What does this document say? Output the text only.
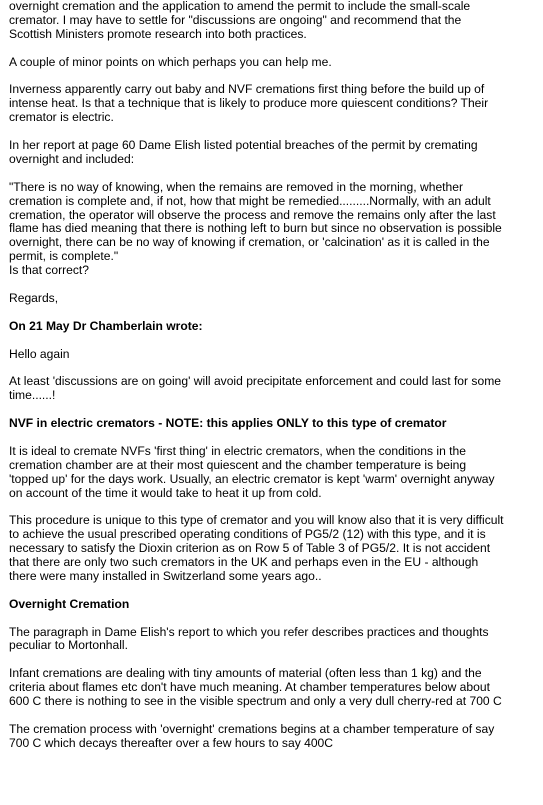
overnight cremation and the application to amend the permit to include the small-scale
cremator. I may have to settle for "discussions are ongoing" and recommend that the
Scottish Ministers promote research into both practices.

A couple of minor points on which perhaps you can help me.

Inverness apparently carry out baby and NVF cremations first thing before the build up of
intense heat. Is that a technique that is likely to produce more quiescent conditions? Their
cremator is electric.

In her report at page 60 Dame Elish listed potential breaches of the permit by cremating
overnight and included:

"There is no way of knowing, when the remains are removed in the morning, whether
cremation is complete and, if not, how that might be remedied.........Normally, with an adult
cremation, the operator will observe the process and remove the remains only after the last
flame has died meaning that there is nothing left to burn but since no observation is possible
overnight, there can be no way of knowing if cremation, or 'calcination' as it is called in the
permit, is complete."

Is that correct?

Regards,

On 21 May Dr Chamberlain wrote:

Hello again

At least 'discussions are on going' will avoid precipitate enforcement and could last for some
time......!

NVF in electric cremators - NOTE: this applies ONLY to this type of cremator

It is ideal to cremate NVFs 'first thing' in electric cremators, when the conditions in the
cremation chamber are at their most quiescent and the chamber temperature is being
'topped up' for the days work. Usually, an electric cremator is kept 'warm' overnight anyway
on account of the time it would take to heat it up from cold.

This procedure is unique to this type of cremator and you will know also that it is very difficult
to achieve the usual prescribed operating conditions of PG5/2 (12) with this type, and it is
necessary to satisfy the Dioxin criterion as on Row 5 of Table 3 of PG5/2. It is not accident
that there are only two such cremators in the UK and perhaps even in the EU - although
there were many installed in Switzerland some years ago..

Overnight Cremation

The paragraph in Dame Elish's report to which you refer describes practices and thoughts
peculiar to Mortonhall.

Infant cremations are dealing with tiny amounts of material (often less than 1 kg) and the
criteria about flames etc don't have much meaning. At chamber temperatures below about
600 C there is nothing to see in the visible spectrum and only a very dull cherry-red at 700 C

The cremation process with 'overnight' cremations begins at a chamber temperature of say
700 C which decays thereafter over a few hours to say 400C
